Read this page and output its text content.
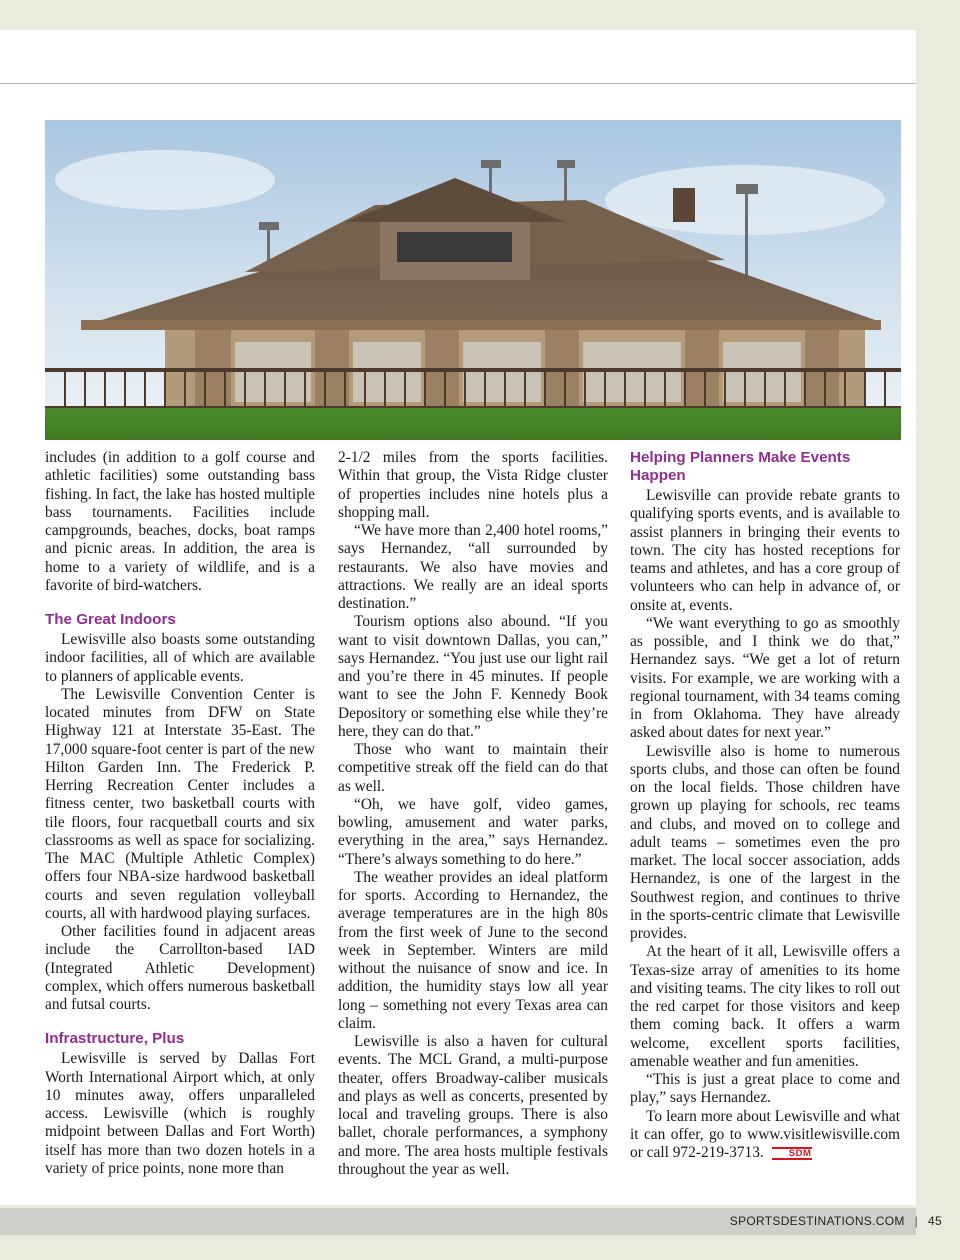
includes (in addition to a golf course and athletic facilities) some outstanding bass fishing. In fact, the lake has hosted multiple bass tournaments. Facilities include campgrounds, beaches, docks, boat ramps and picnic areas. In addition, the area is home to a variety of wildlife, and is a favorite of bird-watchers.

The Great Indoors

Lewisville also boasts some outstanding indoor facilities, all of which are available to planners of applicable events.

The Lewisville Convention Center is located minutes from DFW on State Highway 121 at Interstate 35-East. The 17,000 square-foot center is part of the new Hilton Garden Inn. The Frederick P. Herring Recreation Center includes a fitness center, two basketball courts with tile floors, four racquetball courts and six classrooms as well as space for socializing. The MAC (Multiple Athletic Complex) offers four NBA-size hardwood basketball courts and seven regulation volleyball courts, all with hardwood playing surfaces.

Other facilities found in adjacent areas include the Carrollton-based IAD (Integrated Athletic Development) complex, which offers numerous basketball and futsal courts.

Infrastructure, Plus

Lewisville is served by Dallas Fort Worth International Airport which, at only 10 minutes away, offers unparalleled access. Lewisville (which is roughly midpoint between Dallas and Fort Worth) itself has more than two dozen hotels in a variety of price points, none more than

2-1/2 miles from the sports facilities. Within that group, the Vista Ridge cluster of properties includes nine hotels plus a shopping mall.

“We have more than 2,400 hotel rooms,” says Hernandez, “all surrounded by restaurants. We also have movies and attractions. We really are an ideal sports destination.”

Tourism options also abound. “If you want to visit downtown Dallas, you can,” says Hernandez. “You just use our light rail and you’re there in 45 minutes. If people want to see the John F. Kennedy Book Depository or something else while they’re here, they can do that.”

Those who want to maintain their competitive streak off the field can do that as well.

“Oh, we have golf, video games, bowling, amusement and water parks, everything in the area,” says Hernandez. “There’s always something to do here.”

The weather provides an ideal platform for sports. According to Hernandez, the average temperatures are in the high 80s from the first week of June to the second week in September. Winters are mild without the nuisance of snow and ice. In addition, the humidity stays low all year long – something not every Texas area can claim.

Lewisville is also a haven for cultural events. The MCL Grand, a multi-purpose theater, offers Broadway-caliber musicals and plays as well as concerts, presented by local and traveling groups. There is also ballet, chorale performances, a symphony and more. The area hosts multiple festivals throughout the year as well.

Helping Planners Make Events Happen

Lewisville can provide rebate grants to qualifying sports events, and is available to assist planners in bringing their events to town. The city has hosted receptions for teams and athletes, and has a core group of volunteers who can help in advance of, or onsite at, events.

“We want everything to go as smoothly as possible, and I think we do that,” Hernandez says. “We get a lot of return visits. For example, we are working with a regional tournament, with 34 teams coming in from Oklahoma. They have already asked about dates for next year.”

Lewisville also is home to numerous sports clubs, and those can often be found on the local fields. Those children have grown up playing for schools, rec teams and clubs, and moved on to college and adult teams – sometimes even the pro market. The local soccer association, adds Hernandez, is one of the largest in the Southwest region, and continues to thrive in the sports-centric climate that Lewisville provides.

At the heart of it all, Lewisville offers a Texas-size array of amenities to its home and visiting teams. The city likes to roll out the red carpet for those visitors and keep them coming back. It offers a warm welcome, excellent sports facilities, amenable weather and fun amenities.

“This is just a great place to come and play,” says Hernandez.

To learn more about Lewisville and what it can offer, go to www.visitlewisville.com or call 972-219-3713.	SDM

SPORTSDESTINATIONS.COM | 45
